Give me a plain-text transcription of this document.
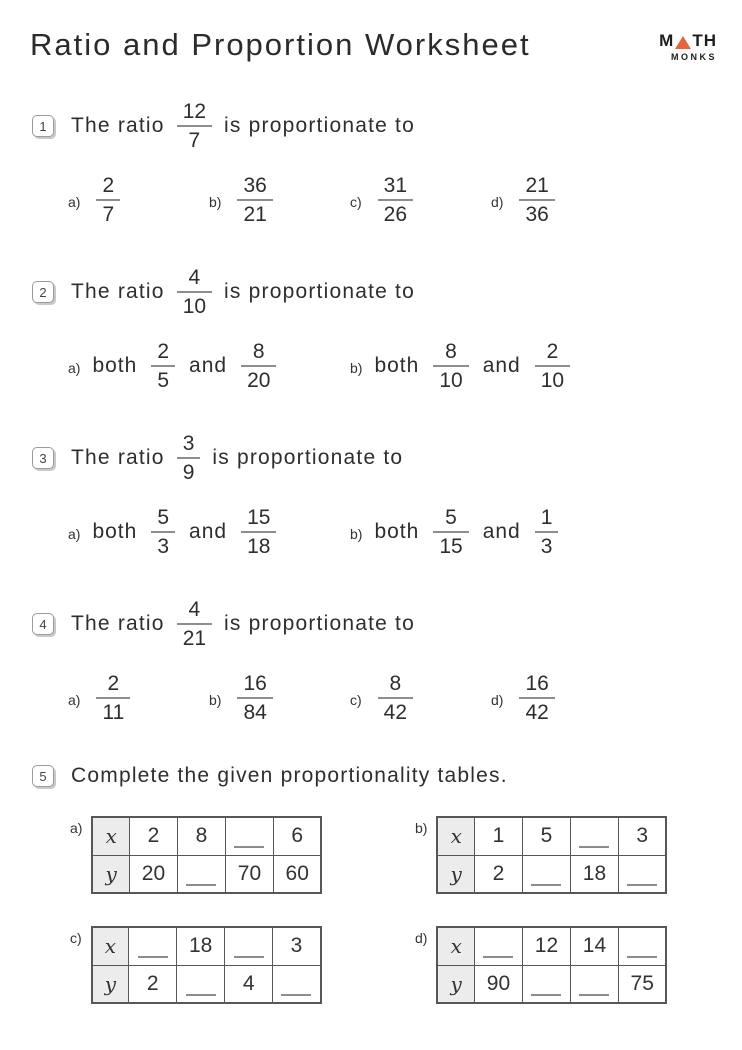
Ratio and Proportion Worksheet	M TH
MONKS
1	The ratio $\frac{12}{7}$ is proportionate to
$a) \frac{2}{7}$	$b) \frac{36}{21}$	$c) \frac{31}{26}$	$d) \frac{21}{36}$
2	The ratio $\frac{4}{10}$ is proportionate to
a) both $\frac{2}{5}$ and $\frac{8}{20}$	b) both $\frac{8}{10}$ and $\frac{2}{10}$
3	The ratio $\frac{3}{9}$ is proportionate to
a) both $\frac{5}{3}$ and $\frac{15}{18}$	b) both $\frac{5}{15}$ and $\frac{1}{3}$
4	The ratio $\frac{4}{21}$ is proportionate to
$a) \frac{2}{11}$	$b) \frac{16}{84}$	$c) \frac{8}{42}$	$d) \frac{16}{42}$
5	Complete the given proportionality tables.
a) x	2	8		6
y	20		70	60
b) x	1	5		3
y	2		18	
c) x		18		3
y	2		4	
d) x		12	14	
y	90			75
